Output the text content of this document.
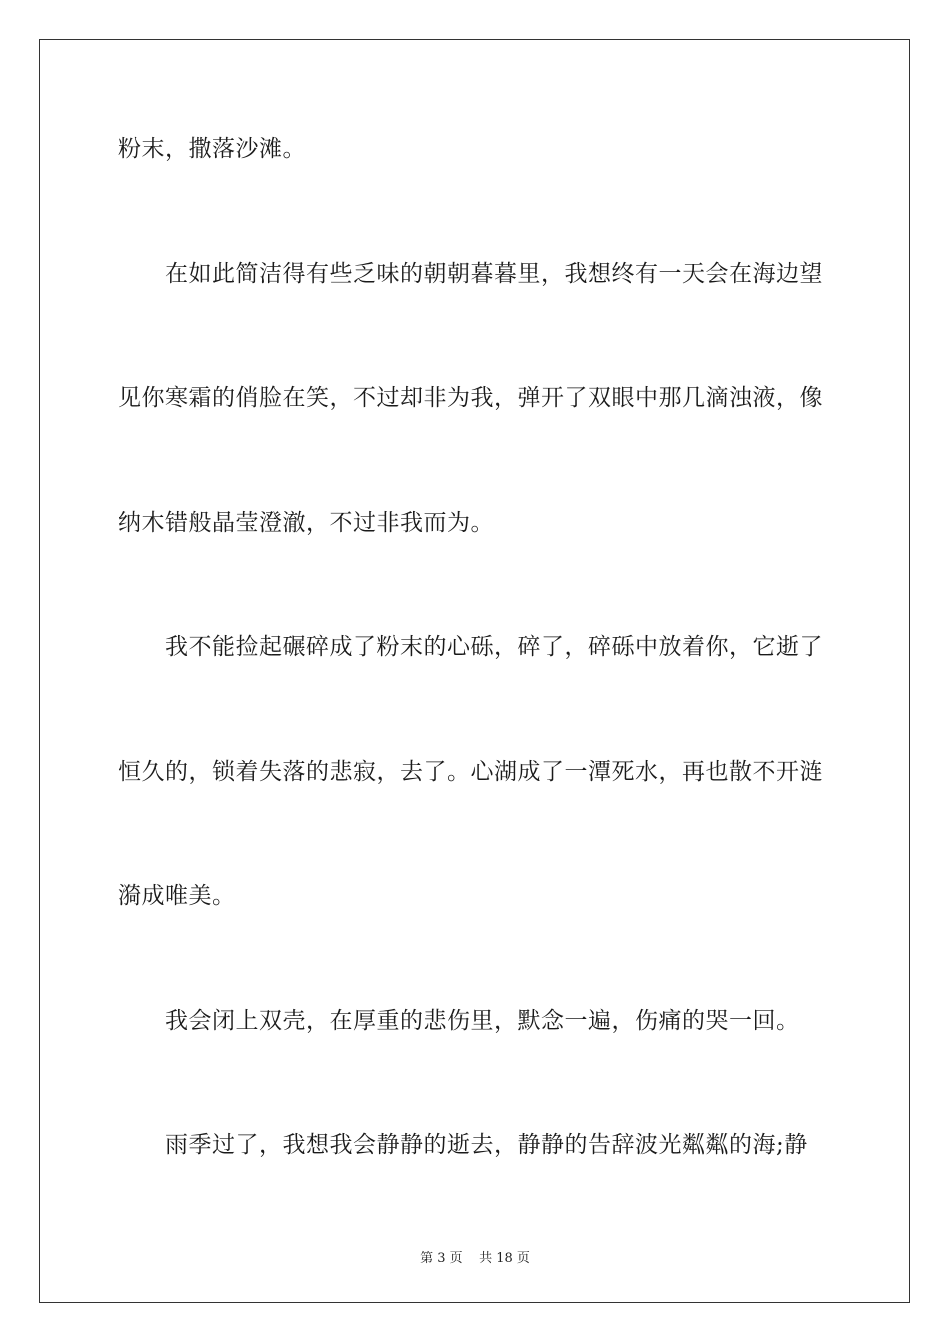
粉末，撒落沙滩。
在如此简洁得有些乏味的朝朝暮暮里，我想终有一天会在海边望
见你寒霜的俏脸在笑，不过却非为我，弹开了双眼中那几滴浊液，像
纳木错般晶莹澄澈，不过非我而为。
我不能捡起碾碎成了粉末的心砾，碎了，碎砾中放着你，它逝了
恒久的，锁着失落的悲寂，去了。心湖成了一潭死水，再也散不开涟
漪成唯美。
我会闭上双壳，在厚重的悲伤里，默念一遍，伤痛的哭一回。
雨季过了，我想我会静静的逝去，静静的告辞波光粼粼的海;静
第 3 页    共 18 页
